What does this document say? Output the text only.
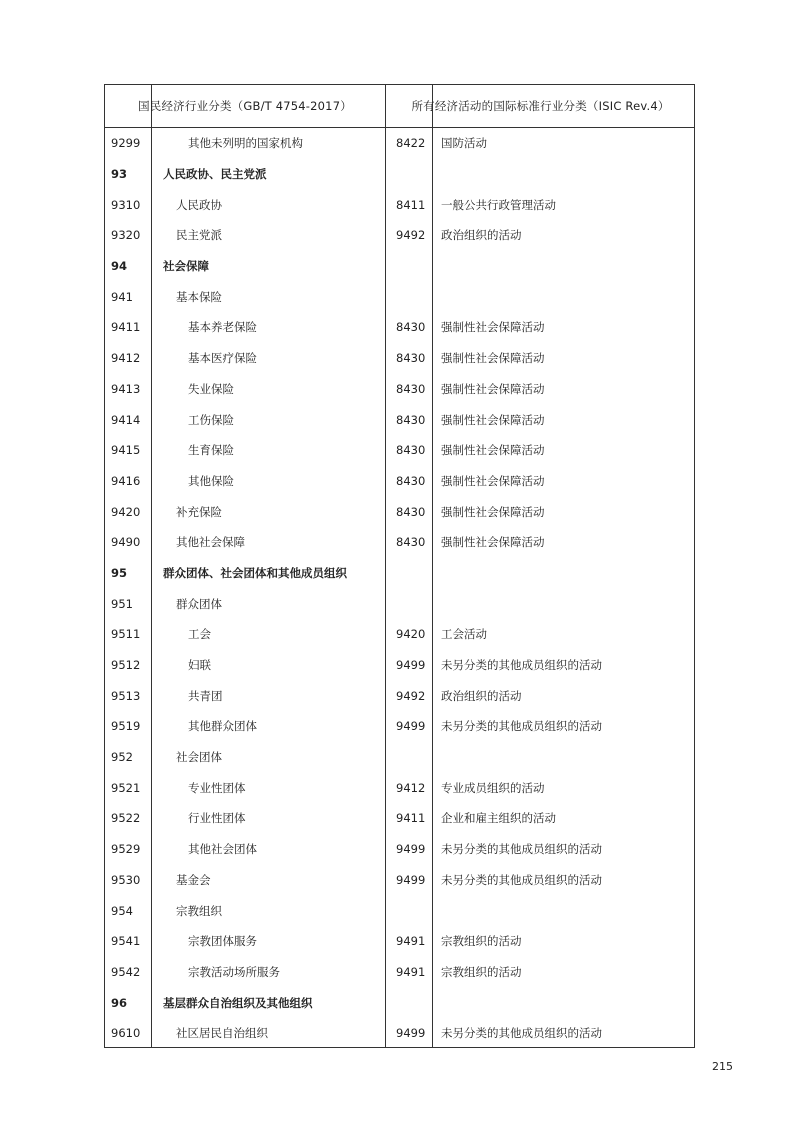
国民经济行业分类（GB/T 4754-2017）	所有经济活动的国际标准行业分类（ISIC Rev.4）
9299	其他未列明的国家机构	8422 国防活动
93	人民政协、民主党派
9310	人民政协	8411 一般公共行政管理活动
9320	民主党派	9492 政治组织的活动
94	社会保障
941	基本保险
9411	基本养老保险	8430 强制性社会保障活动
9412	基本医疗保险	8430 强制性社会保障活动
9413	失业保险	8430 强制性社会保障活动
9414	工伤保险	8430 强制性社会保障活动
9415	生育保险	8430 强制性社会保障活动
9416	其他保险	8430 强制性社会保障活动
9420	补充保险	8430 强制性社会保障活动
9490	其他社会保障	8430 强制性社会保障活动
95	群众团体、社会团体和其他成员组织
951	群众团体
9511	工会	9420 工会活动
9512	妇联	9499 未另分类的其他成员组织的活动
9513	共青团	9492 政治组织的活动
9519	其他群众团体	9499 未另分类的其他成员组织的活动
952	社会团体
9521	专业性团体	9412 专业成员组织的活动
9522	行业性团体	9411 企业和雇主组织的活动
9529	其他社会团体	9499 未另分类的其他成员组织的活动
9530	基金会	9499 未另分类的其他成员组织的活动
954	宗教组织
9541	宗教团体服务	9491 宗教组织的活动
9542	宗教活动场所服务	9491 宗教组织的活动
96	基层群众自治组织及其他组织
9610	社区居民自治组织	9499 未另分类的其他成员组织的活动
215
